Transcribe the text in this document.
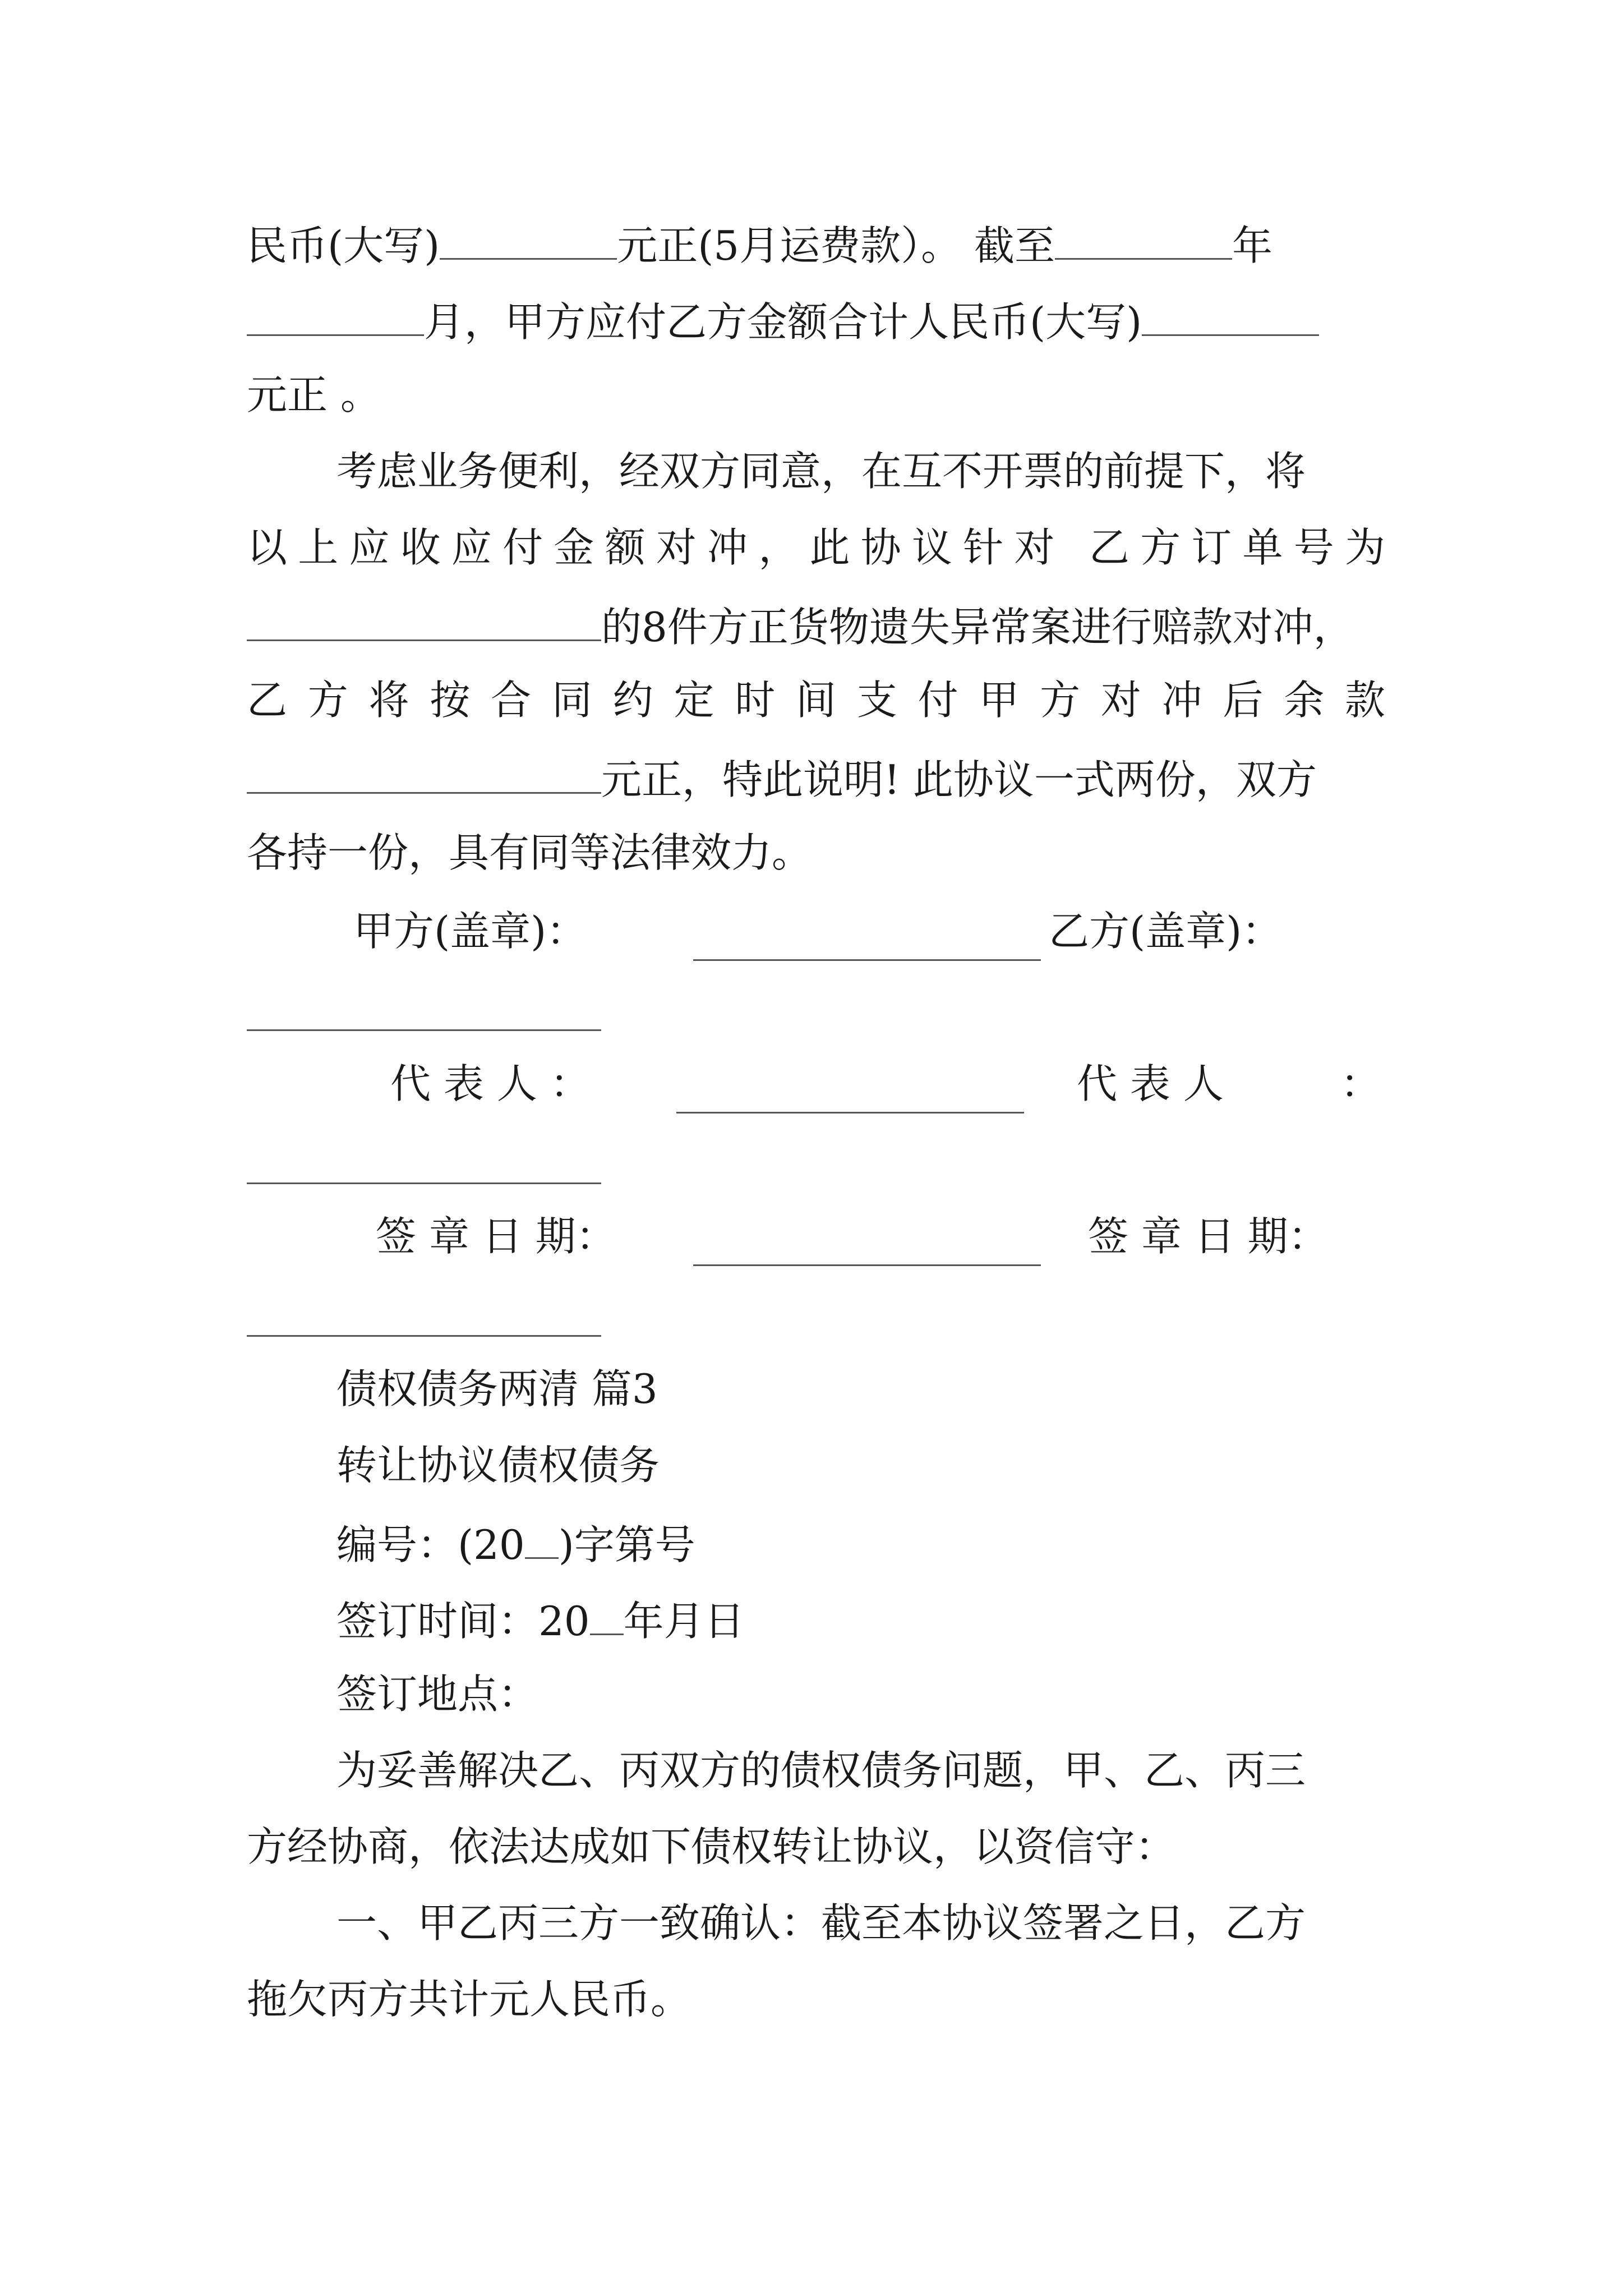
民币(大写)	元正(5月运费款）。 截至	年
月，甲方应付乙方金额合计人民币(大写)
元正 。
考虑业务便利，经双方同意，在互不开票的前提下，将
以上应收应付金额对冲，此协议针对 乙方订单号为
的8件方正货物遗失异常案进行赔款对冲，
乙方将按合同约定时间支付甲方对冲后余款
元正，特此说明! 此协议一式两份，双方
各持一份，具有同等法律效力。
甲方(盖章)：	乙方(盖章)：
代 表 人 ：	代 表 人	：
签 章 日 期：	签 章 日 期：
债权债务两清 篇3
转让协议债权债务
编号：(20 )字第号
签订时间：20 年月日
签订地点：
为妥善解决乙、丙双方的债权债务问题，甲、乙、丙三
方经协商，依法达成如下债权转让协议，以资信守：
一、甲乙丙三方一致确认：截至本协议签署之日，乙方
拖欠丙方共计元人民币。
